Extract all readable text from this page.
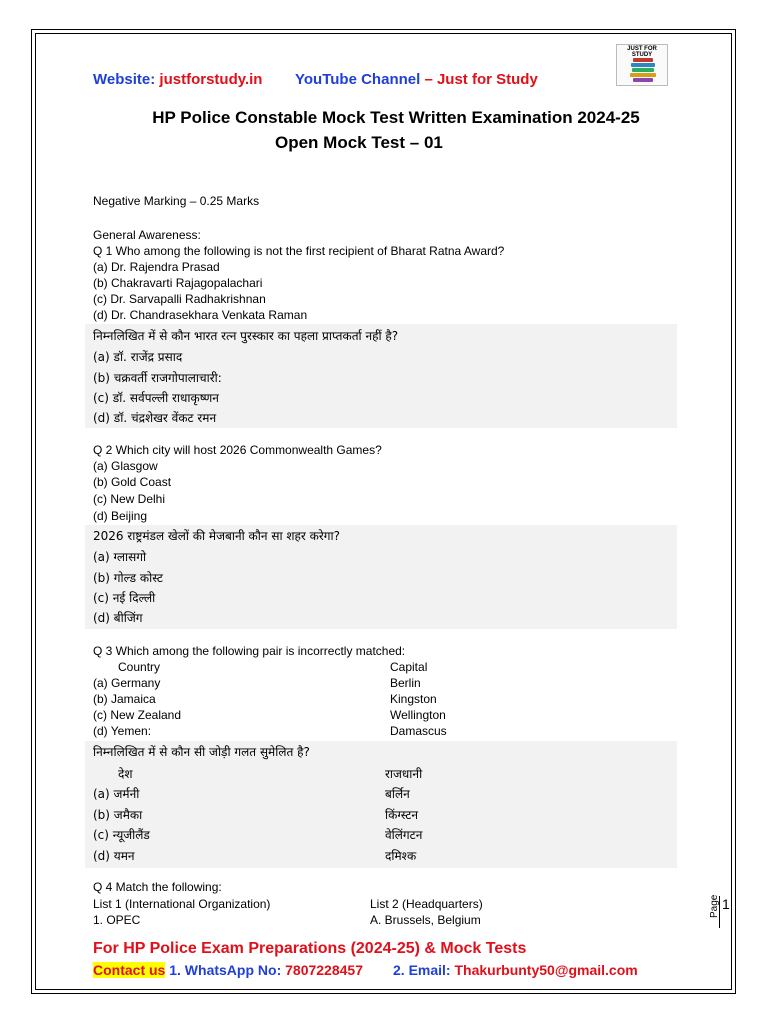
Website: justforstudy.in YouTube Channel – Just for Study
JUST FOR STUDY
HP Police Constable Mock Test Written Examination 2024-25
Open Mock Test – 01
Negative Marking – 0.25 Marks
General Awareness:
Q 1 Who among the following is not the first recipient of Bharat Ratna Award?
(a) Dr. Rajendra Prasad
(b) Chakravarti Rajagopalachari
(c) Dr. Sarvapalli Radhakrishnan
(d) Dr. Chandrasekhara Venkata Raman
निम्नलिखित में से कौन भारत रत्न पुरस्कार का पहला प्राप्तकर्ता नहीं है?
(a) डॉ. राजेंद्र प्रसाद
(b) चक्रवर्ती राजगोपालाचारी:
(c) डॉ. सर्वपल्ली राधाकृष्णन
(d) डॉ. चंद्रशेखर वेंकट रमन
Q 2 Which city will host 2026 Commonwealth Games?
(a) Glasgow
(b) Gold Coast
(c) New Delhi
(d) Beijing
2026 राष्ट्रमंडल खेलों की मेजबानी कौन सा शहर करेगा?
(a) ग्लासगो
(b) गोल्ड कोस्ट
(c) नई दिल्ली
(d) बीजिंग
Q 3 Which among the following pair is incorrectly matched:
Country	Capital
(a) Germany	Berlin
(b) Jamaica	Kingston
(c) New Zealand	Wellington
(d) Yemen:	Damascus
निम्नलिखित में से कौन सी जोड़ी गलत सुमेलित है?
देश	राजधानी
(a) जर्मनी	बर्लिन
(b) जमैका	किंग्स्टन
(c) न्यूजीलैंड	वेलिंगटन
(d) यमन	दमिश्क
Q 4 Match the following:
List 1 (International Organization)	List 2 (Headquarters)
1. OPEC	A. Brussels, Belgium
Page 1
For HP Police Exam Preparations (2024-25) & Mock Tests
Contact us 1. WhatsApp No: 7807228457 2. Email: Thakurbunty50@gmail.com
